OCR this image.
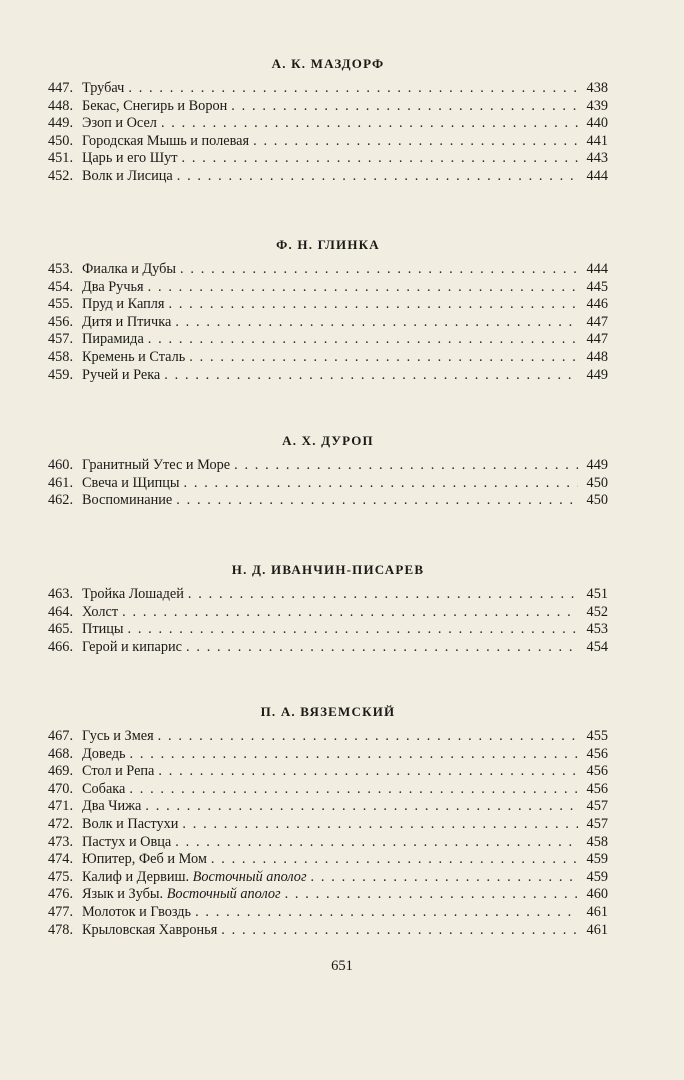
А. К. МАЗДОРФ
447. Трубач . . .	438
448. Бекас, Снегирь и Ворон . . .	439
449. Эзоп и Осел . . .	440
450. Городская Мышь и полевая . . .	441
451. Царь и его Шут . . .	443
452. Волк и Лисица . . .	444
Ф. Н. ГЛИНКА
453. Фиалка и Дубы . . .	444
454. Два Ручья . . .	445
455. Пруд и Капля . . .	446
456. Дитя и Птичка . . .	447
457. Пирамида . . .	447
458. Кремень и Сталь . . .	448
459. Ручей и Река . . .	449
А. Х. ДУРОП
460. Гранитный Утес и Море . . .	449
461. Свеча и Щипцы . . .	450
462. Воспоминание . . .	450
Н. Д. ИВАНЧИН-ПИСАРЕВ
463. Тройка Лошадей . . .	451
464. Холст . . .	452
465. Птицы . . .	453
466. Герой и кипарис . . .	454
П. А. ВЯЗЕМСКИЙ
467. Гусь и Змея . . .	455
468. Доведь . . .	456
469. Стол и Репа . . .	456
470. Собака . . .	456
471. Два Чижа . . .	457
472. Волк и Пастухи . . .	457
473. Пастух и Овца . . .	458
474. Юпитер, Феб и Мом . . .	459
475. Калиф и Дервиш. Восточный аполог . . .	459
476. Язык и Зубы. Восточный аполог . . .	460
477. Молоток и Гвоздь . . .	461
478. Крыловская Хавронья . . .	461
651
